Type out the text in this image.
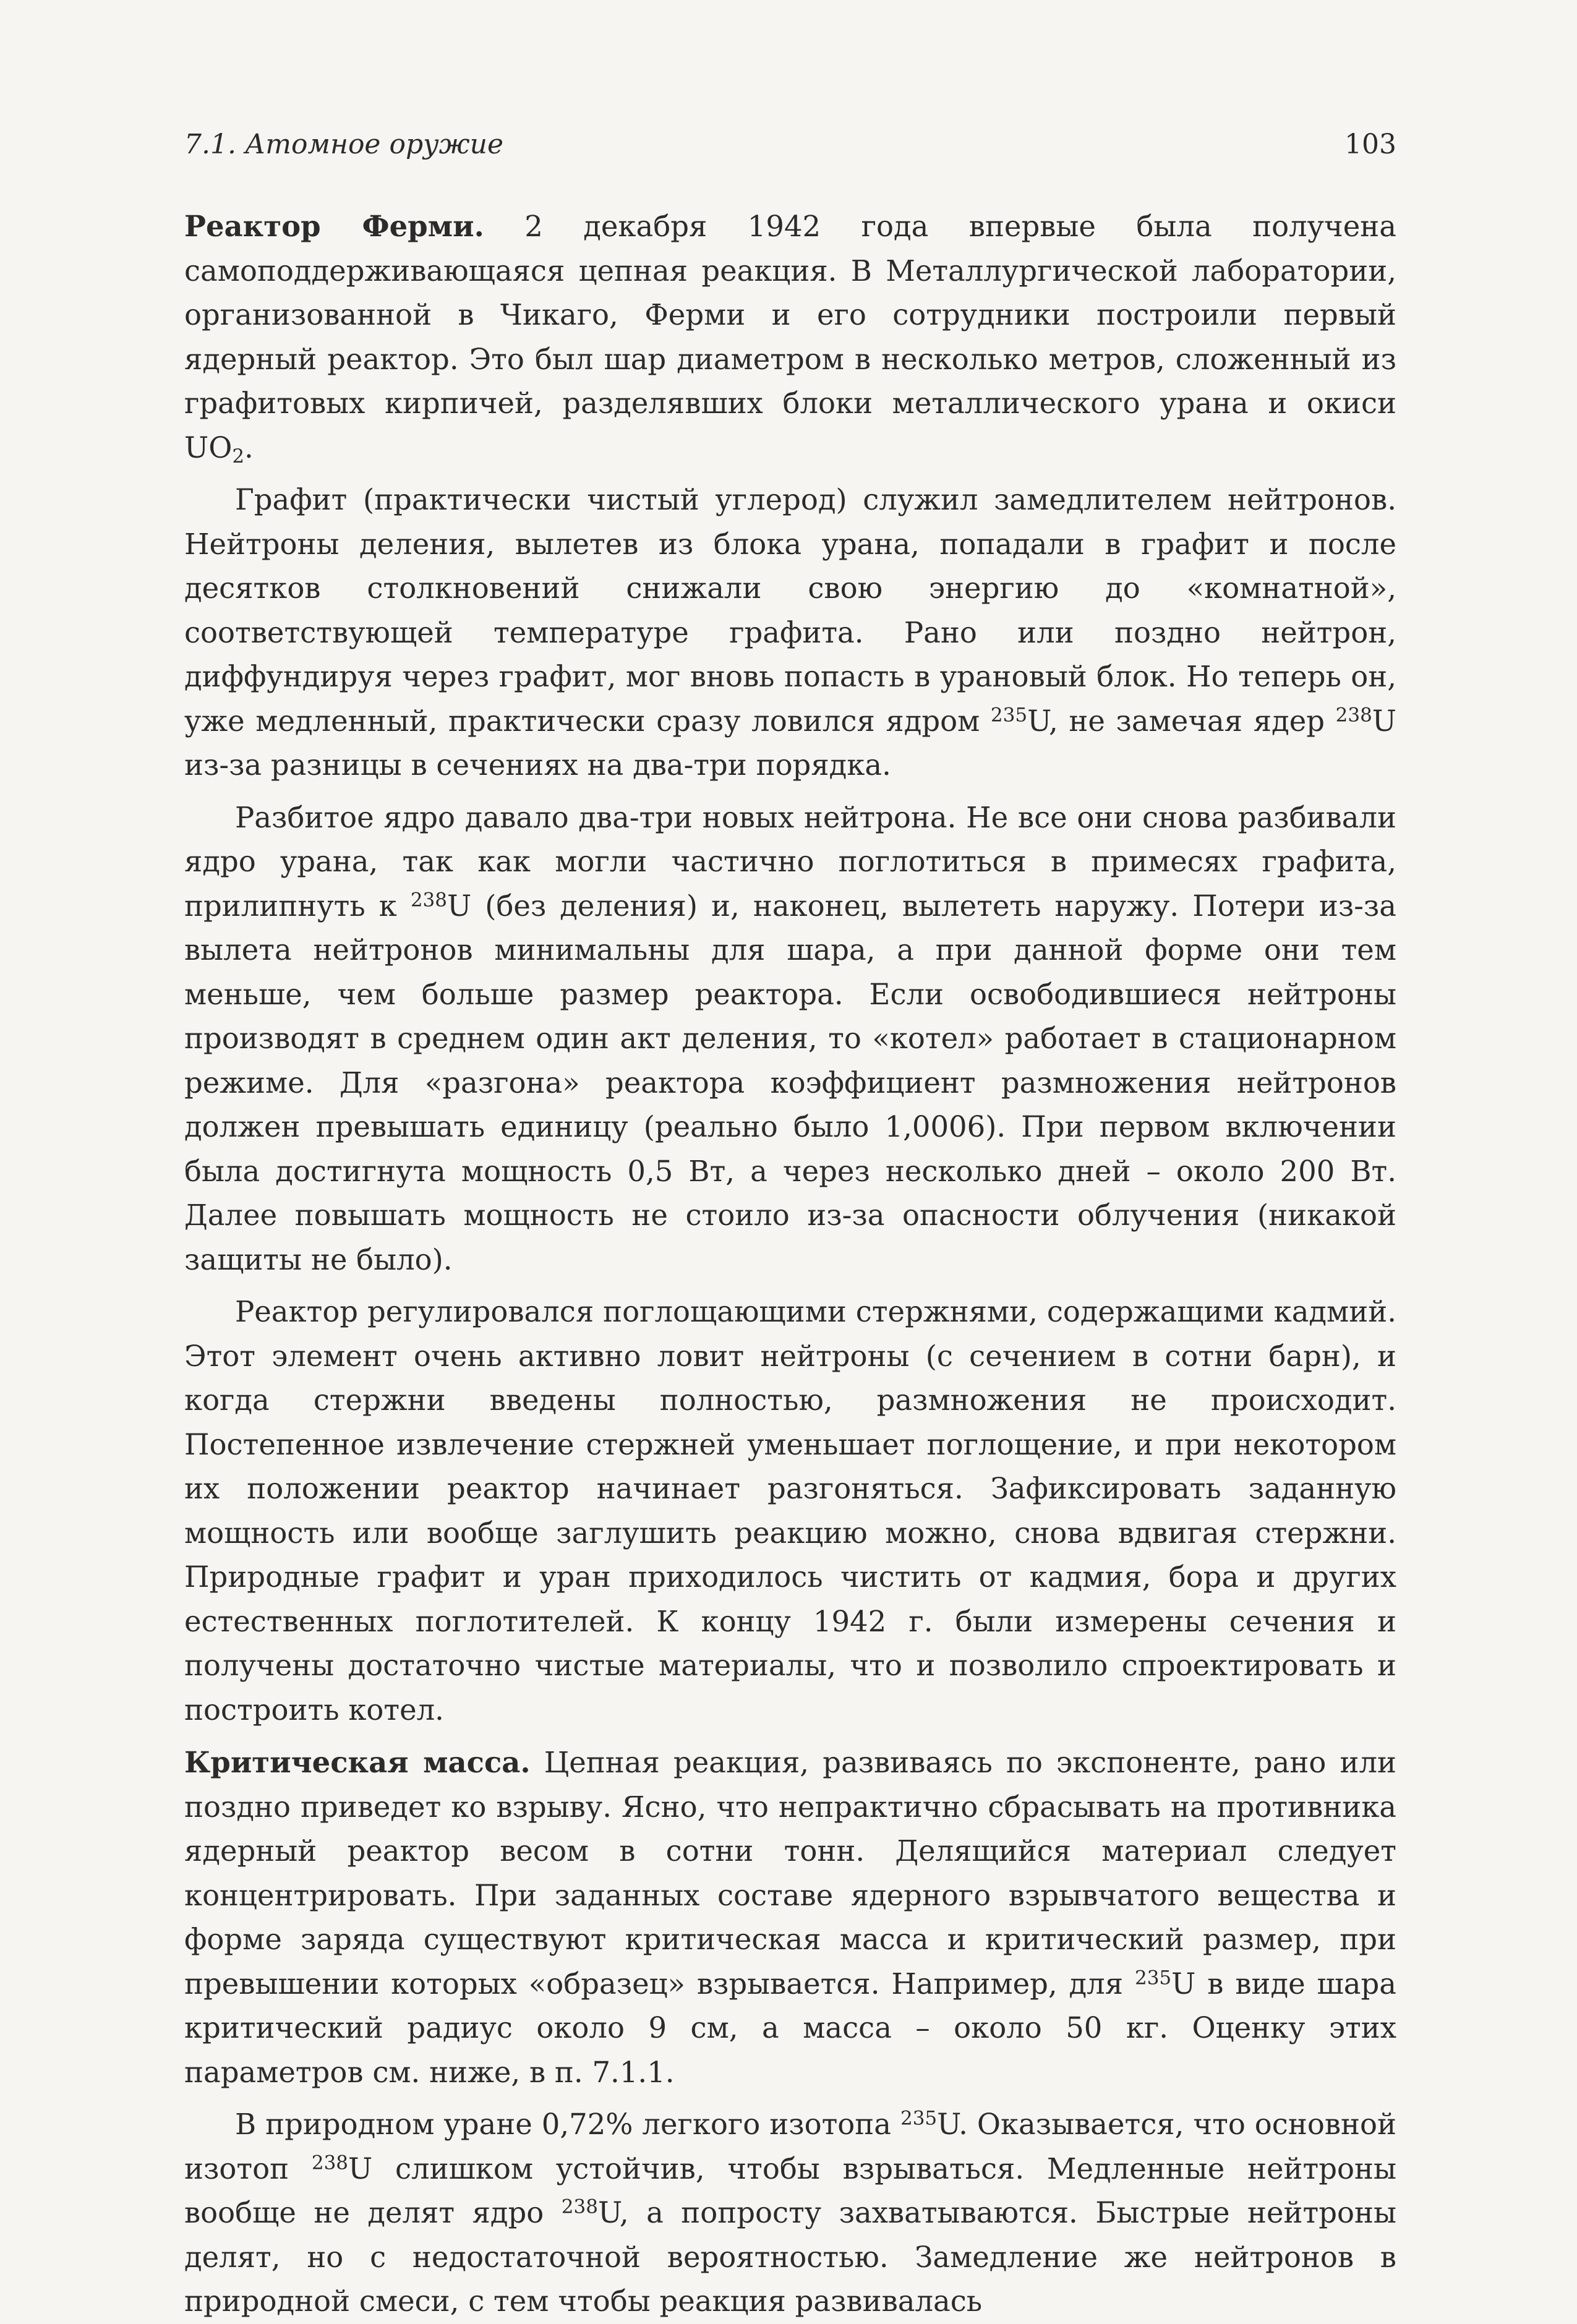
7.1. Атомное оружие	103

Реактор Ферми. 2 декабря 1942 года впервые была получена самоподдерживающаяся цепная реакция. В Металлургической лаборатории, организованной в Чикаго, Ферми и его сотрудники построили первый ядерный реактор. Это был шар диаметром в несколько метров, сложенный из графитовых кирпичей, разделявших блоки металлического урана и окиси $UO_2$.

Графит (практически чистый углерод) служил замедлителем нейтронов. Нейтроны деления, вылетев из блока урана, попадали в графит и после десятков столкновений снижали свою энергию до «комнатной», соответствующей температуре графита. Рано или поздно нейтрон, диффундируя через графит, мог вновь попасть в урановый блок. Но теперь он, уже медленный, практически сразу ловился ядром $^{235}$U, не замечая ядер $^{238}$U из-за разницы в сечениях на два-три порядка.

Разбитое ядро давало два-три новых нейтрона. Не все они снова разбивали ядро урана, так как могли частично поглотиться в примесях графита, прилипнуть к $^{238}$U (без деления) и, наконец, вылететь наружу. Потери из-за вылета нейтронов минимальны для шара, а при данной форме они тем меньше, чем больше размер реактора. Если освободившиеся нейтроны производят в среднем один акт деления, то «котел» работает в стационарном режиме. Для «разгона» реактора коэффициент размножения нейтронов должен превышать единицу (реально было 1,0006). При первом включении была достигнута мощность 0,5 Вт, а через несколько дней – около 200 Вт. Далее повышать мощность не стоило из-за опасности облучения (никакой защиты не было).

Реактор регулировался поглощающими стержнями, содержащими кадмий. Этот элемент очень активно ловит нейтроны (с сечением в сотни барн), и когда стержни введены полностью, размножения не происходит. Постепенное извлечение стержней уменьшает поглощение, и при некотором их положении реактор начинает разгоняться. Зафиксировать заданную мощность или вообще заглушить реакцию можно, снова вдвигая стержни. Природные графит и уран приходилось чистить от кадмия, бора и других естественных поглотителей. К концу 1942 г. были измерены сечения и получены достаточно чистые материалы, что и позволило спроектировать и построить котел.

Критическая масса. Цепная реакция, развиваясь по экспоненте, рано или поздно приведет ко взрыву. Ясно, что непрактично сбрасывать на противника ядерный реактор весом в сотни тонн. Делящийся материал следует концентрировать. При заданных составе ядерного взрывчатого вещества и форме заряда существуют критическая масса и критический размер, при превышении которых «образец» взрывается. Например, для $^{235}$U в виде шара критический радиус около 9 см, а масса – около 50 кг. Оценку этих параметров см. ниже, в п. 7.1.1.

В природном уране 0,72% легкого изотопа $^{235}$U. Оказывается, что основной изотоп $^{238}$U слишком устойчив, чтобы взрываться. Медленные нейтроны вообще не делят ядро $^{238}$U, а попросту захватываются. Быстрые нейтроны делят, но с недостаточной вероятностью. Замедление же нейтронов в природной смеси, с тем чтобы реакция развивалась
